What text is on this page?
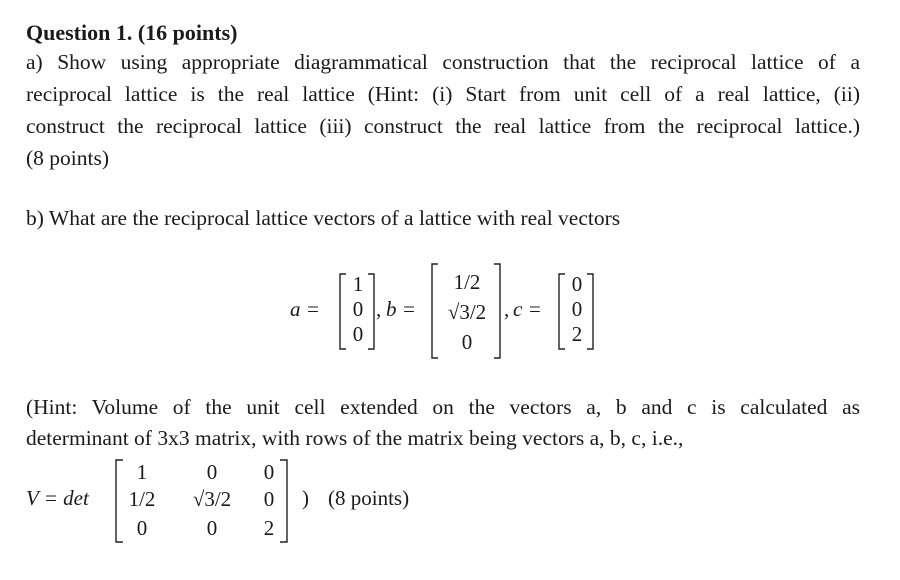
Question 1. (16 points)
a) Show using appropriate diagrammatical construction that the reciprocal lattice of a
reciprocal lattice is the real lattice (Hint: (i) Start from unit cell of a real lattice, (ii)
construct the reciprocal lattice (iii) construct the real lattice from the reciprocal lattice.)
(8 points)
b) What are the reciprocal lattice vectors of a lattice with real vectors
a =
1
0
0
, b =
1/2
√3/2
0
, c =
0
0
2
(Hint: Volume of the unit cell extended on the vectors a, b and c is calculated as
determinant of 3x3 matrix, with rows of the matrix being vectors a, b, c, i.e.,
V = det
1	0	0
1/2	√3/2	0
0	0	2
) (8 points)
